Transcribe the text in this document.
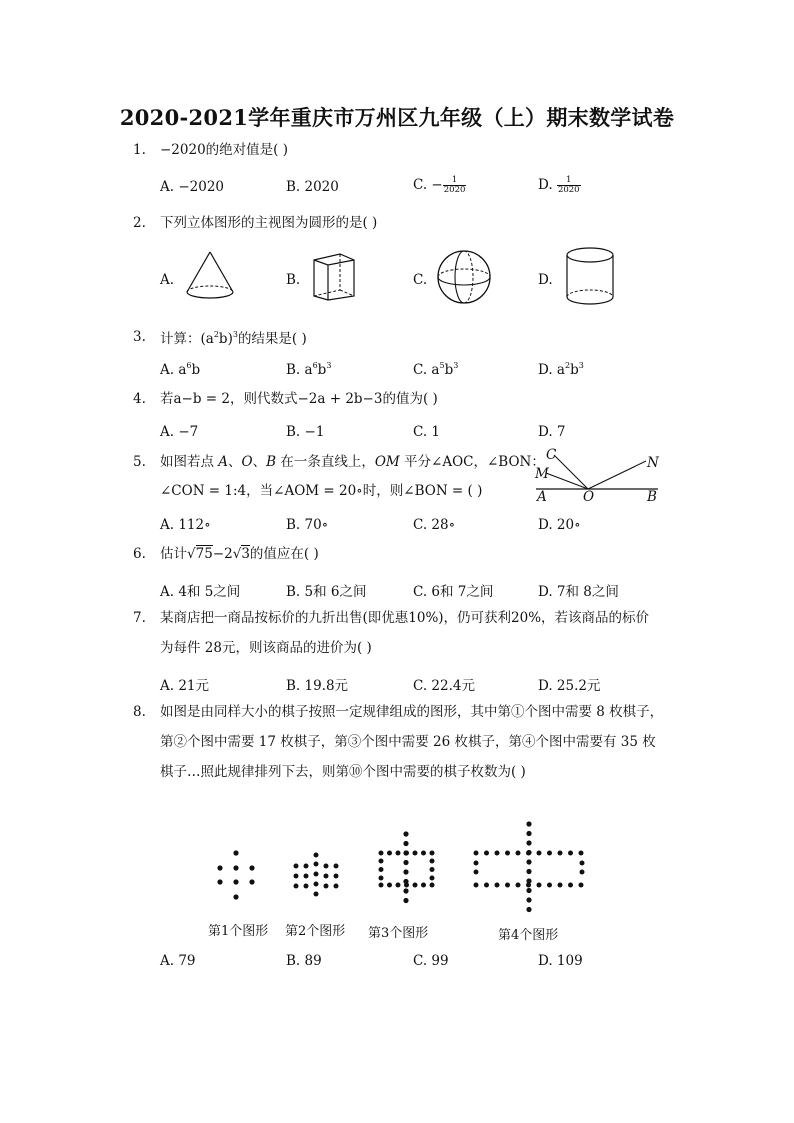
2020-2021学年重庆市万州区九年级（上）期末数学试卷
1.	−2020的绝对值是( )
A. −2020	B. 2020	C. − $\frac{1}{2020}$	D. $\frac{1}{2020}$
2.	下列立体图形的主视图为圆形的是( )
A.	B.	C.	D.
3.	计算：$(a^2b)^3$的结果是( )
A. $a^6b$	B. $a^6b^3$	C. $a^5b^3$	D. $a^2b^3$
4.	若a−b = 2，则代数式−2a + 2b−3的值为( )
A. −7	B. −1	C. 1	D. 7
5.	如图若点 A、O、B 在一条直线上，OM 平分∠AOC，∠BON：
∠CON = 1:4，当∠AOM = 20∘时，则∠BON = ( )
C	N
M
A	O	B
A. 112∘	B. 70∘	C. 28∘	D. 20∘
6.	估计√75−2√3的值应在( )
A. 4和 5之间	B. 5和 6之间	C. 6和 7之间	D. 7和 8之间
7.	某商店把一商品按标价的九折出售(即优惠10%)，仍可获利20%，若该商品的标价
为每件 28元，则该商品的进价为( )
A. 21元	B. 19.8元	C. 22.4元	D. 25.2元
8.	如图是由同样大小的棋子按照一定规律组成的图形，其中第①个图中需要 8 枚棋子，
第②个图中需要 17 枚棋子，第③个图中需要 26 枚棋子，第④个图中需要有 35 枚
棋子…照此规律排列下去，则第⑩个图中需要的棋子枚数为( )
第1个图形 第2个图形 第3个图形	第4个图形
A. 79	B. 89	C. 99	D. 109
